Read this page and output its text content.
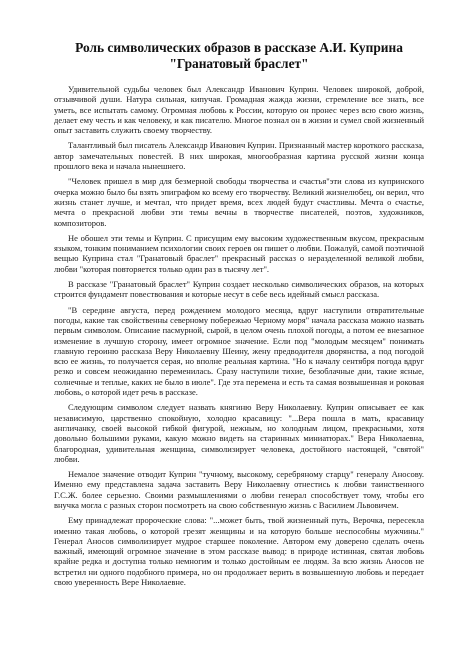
Роль символических образов в рассказе А.И. Куприна
"Гранатовый браслет"

Удивительной судьбы человек был Александр Иванович Куприн. Человек широкой, доброй, отзывчивой души. Натура сильная, кипучая. Громадная жажда жизни, стремление все знать, все уметь, все испытать самому. Огромная любовь к России, которую он пронес через всю свою жизнь, делает ему честь и как человеку, и как писателю. Многое познал он в жизни и сумел свой жизненный опыт заставить служить своему творчеству.

Талантливый был писатель Александр Иванович Куприн. Признанный мастер короткого рассказа, автор замечательных повестей. В них широкая, многообразная картина русской жизни конца прошлого века и начала нынешнего.

"Человек пришел в мир для безмерной свободы творчества и счастья"эти слова из купринского очерка можно было бы взять эпиграфом ко всему его творчеству. Великий жизнелюбец, он верил, что жизнь станет лучше, и мечтал, что придет время, всех людей будут счастливы. Мечта о счастье, мечта о прекрасной любви эти темы вечны в творчестве писателей, поэтов, художников, композиторов.

Не обошел эти темы и Куприн. С присущим ему высоким художественным вкусом, прекрасным языком, тонким пониманием психологии своих героев он пишет о любви. Пожалуй, самой поэтичной вещью Куприна стал "Гранатовый браслет" прекрасный рассказ о неразделенной великой любви, любви "которая повторяется только один раз в тысячу лет".

В рассказе "Гранатовый браслет" Куприн создает несколько символических образов, на которых строится фундамент повествования и которые несут в себе весь идейный смысл рассказа.

"В середине августа, перед рождением молодого месяца, вдруг наступили отвратительные погоды, какие так свойственны северному побережью Черному моря" начала рассказа можно назвать первым символом. Описание пасмурной, сырой, в целом очень плохой погоды, а потом ее внезапное изменение в лучшую сторону, имеет огромное значение. Если под "молодым месяцем" понимать главную героиню рассказа Веру Николаевну Шеину, жену предводителя дворянства, а под погодой всю ее жизнь, то получается серая, но вполне реальная картина. "Но к началу сентября погода вдруг резко и совсем неожиданно переменилась. Сразу наступили тихие, безоблачные дни, такие ясные, солнечные и теплые, каких не было в июле". Где эта перемена и есть та самая возвышенная и роковая любовь, о которой идет речь в рассказе.

Следующим символом следует назвать княгиню Веру Николаевну. Куприн описывает ее как независимую, царственно спокойную, холодно красавицу: "...Вера пошла в мать, красавицу англичанку, своей высокой гибкой фигурой, нежным, но холодным лицом, прекрасными, хотя довольно большими руками, какую можно видеть на старинных миниатюрах." Вера Николаевна, благородная, удивительная женщина, символизирует человека, достойного настоящей, "святой" любви.

Немалое значение отводит Куприн "тучному, высокому, серебряному старцу" генералу Аносову. Именно ему представлена задача заставить Веру Николаевну отнестись к любви таинственного Г.С.Ж. более серьезно. Своими размышлениями о любви генерал способствует тому, чтобы его внучка могла с разных сторон посмотреть на свою собственную жизнь с Василием Львовичем.

Ему принадлежат пророческие слова: "...может быть, твой жизненный путь, Верочка, пересекла именно такая любовь, о которой грезят женщины и на которую больше неспособны мужчины." Генерал Аносов символизирует мудрое старшее поколение. Автором ему доверено сделать очень важный, имеющий огромное значение в этом рассказе вывод: в природе истинная, святая любовь крайне редка и доступна только немногим и только достойным ее людям. За всю жизнь Аносов не встретил ни одного подобного примера, но он продолжает верить в возвышенную любовь и передает свою уверенность Вере Николаевне.
